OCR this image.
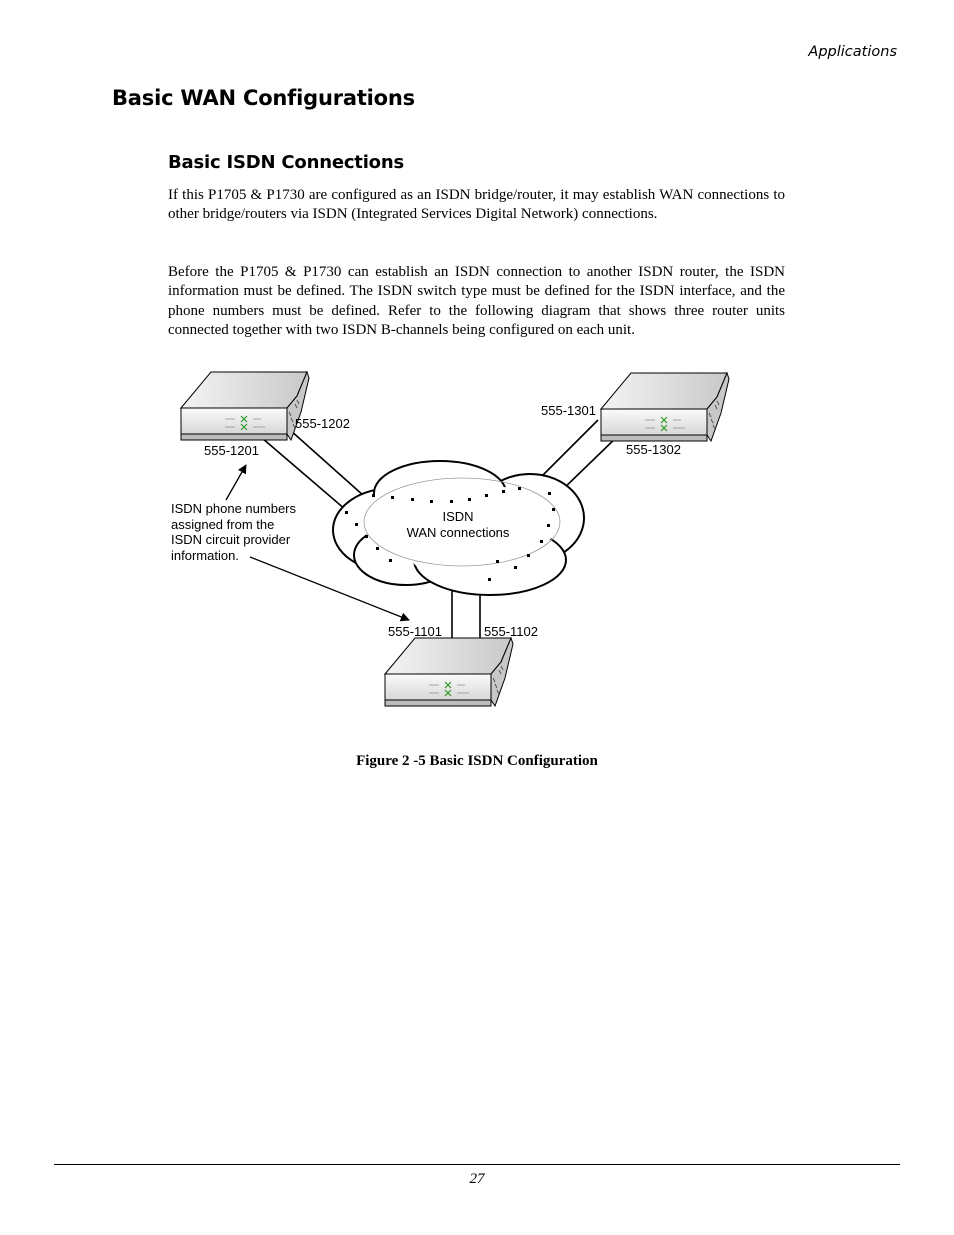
Applications
Basic WAN Configurations
Basic ISDN Connections

If this P1705 & P1730 are configured as an ISDN bridge/router, it may establish WAN connections to other bridge/routers via ISDN (Integrated Services Digital Network) connections.

Before the P1705 & P1730 can establish an ISDN connection to another ISDN router, the ISDN information must be defined. The ISDN switch type must be defined for the ISDN interface, and the phone numbers must be defined. Refer to the following diagram that shows three router units connected together with two ISDN B-channels being configured on each unit.

ISDN
WAN connections
555-1202
555-1201
555-1301
555-1302
555-1101	555-1102
ISDN phone numbers
assigned from the
ISDN circuit provider
information.
Figure 2 -5 Basic ISDN Configuration
27
